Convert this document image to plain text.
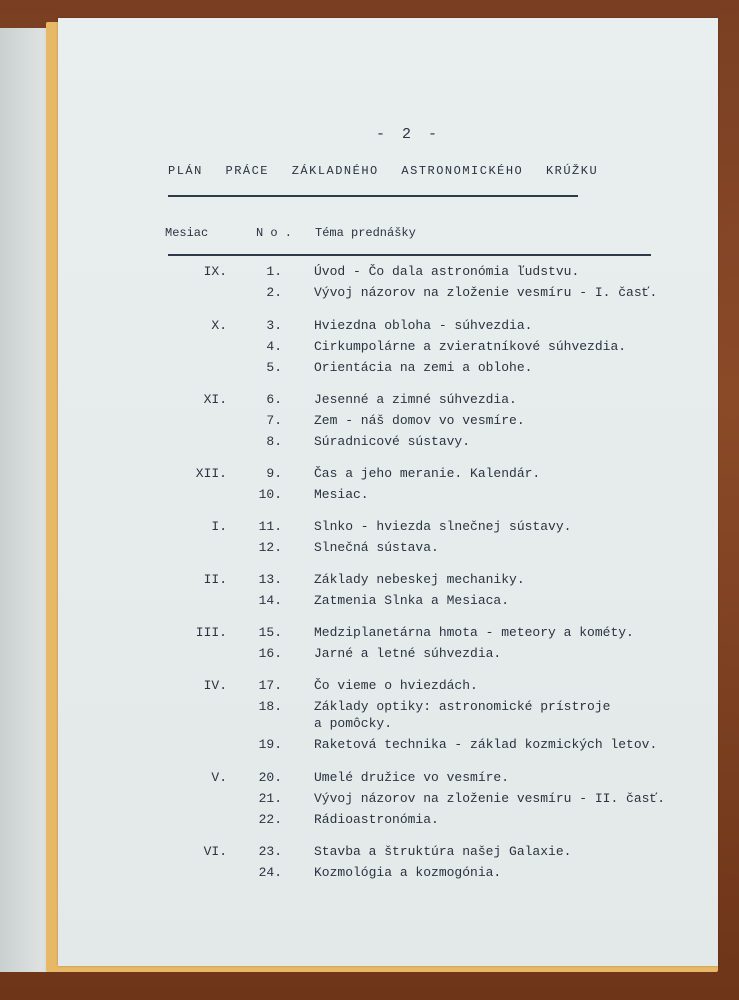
- 2 -
PLÁN PRÁCE ZÁKLADNÉHO ASTRONOMICKÉHO KRÚŽKU
Mesiac	N o . Téma prednášky
IX.	1. Úvod - Čo dala astronómia ľudstvu.
2. Vývoj názorov na zloženie vesmíru - I. časť.
X.	3. Hviezdna obloha - súhvezdia.
4. Cirkumpolárne a zvieratníkové súhvezdia.
5. Orientácia na zemi a oblohe.
XI.	6. Jesenné a zimné súhvezdia.
7. Zem - náš domov vo vesmíre.
8. Súradnicové sústavy.
XII.	9. Čas a jeho meranie. Kalendár.
10. Mesiac.
I.	11. Slnko - hviezda slnečnej sústavy.
12. Slnečná sústava.
II.	13. Základy nebeskej mechaniky.
14. Zatmenia Slnka a Mesiaca.
III.	15. Medziplanetárna hmota - meteory a kométy.
16. Jarné a letné súhvezdia.
IV.	17. Čo vieme o hviezdách.
18. Základy optiky: astronomické prístroje
a pomôcky.
19. Raketová technika - základ kozmických letov.
V.	20. Umelé družice vo vesmíre.
21. Vývoj názorov na zloženie vesmíru - II. časť.
22. Rádioastronómia.
VI.	23. Stavba a štruktúra našej Galaxie.
24. Kozmológia a kozmogónia.
